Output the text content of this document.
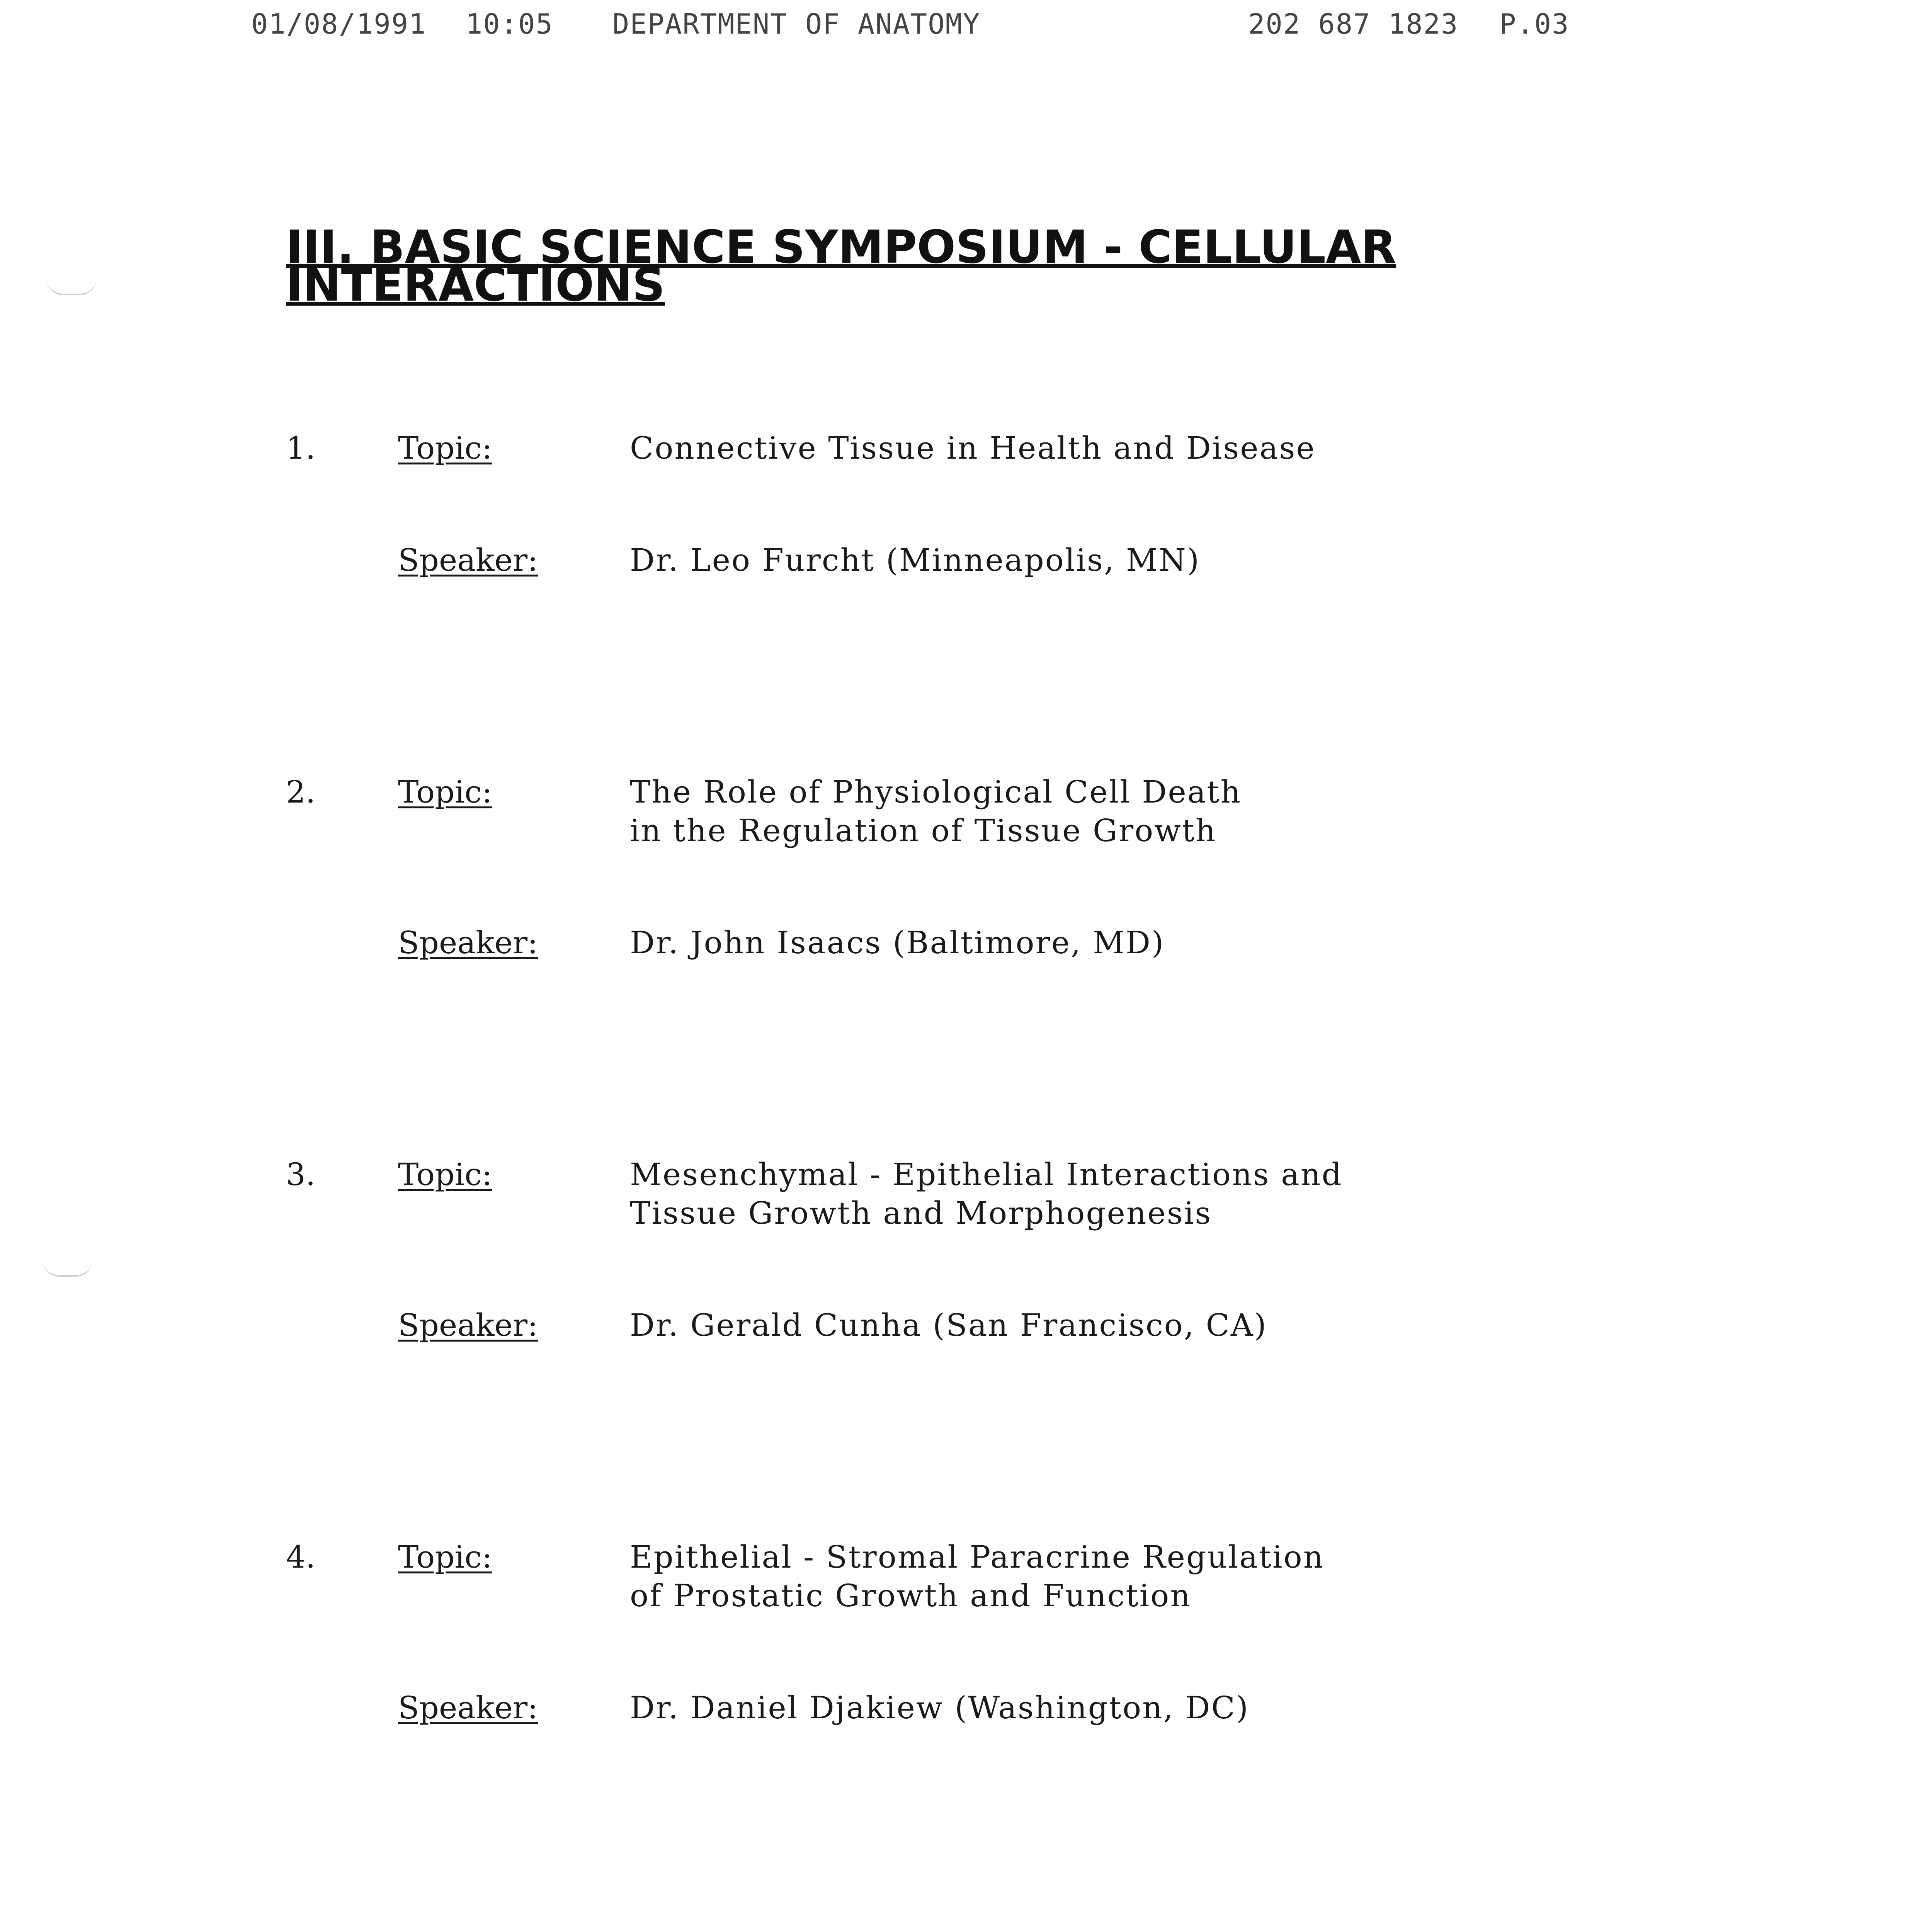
01/08/1991 10:05 DEPARTMENT OF ANATOMY	202 687 1823 P.03
III. BASIC SCIENCE SYMPOSIUM - CELLULAR INTERACTIONS
1.	Topic:	Connective Tissue in Health and Disease
Speaker:	Dr. Leo Furcht (Minneapolis, MN)
2.	Topic:	The Role of Physiological Cell Death
in the Regulation of Tissue Growth
Speaker:	Dr. John Isaacs (Baltimore, MD)
3.	Topic:	Mesenchymal - Epithelial Interactions and
Tissue Growth and Morphogenesis
Speaker:	Dr. Gerald Cunha (San Francisco, CA)
4.	Topic:	Epithelial - Stromal Paracrine Regulation
of Prostatic Growth and Function
Speaker:	Dr. Daniel Djakiew (Washington, DC)
